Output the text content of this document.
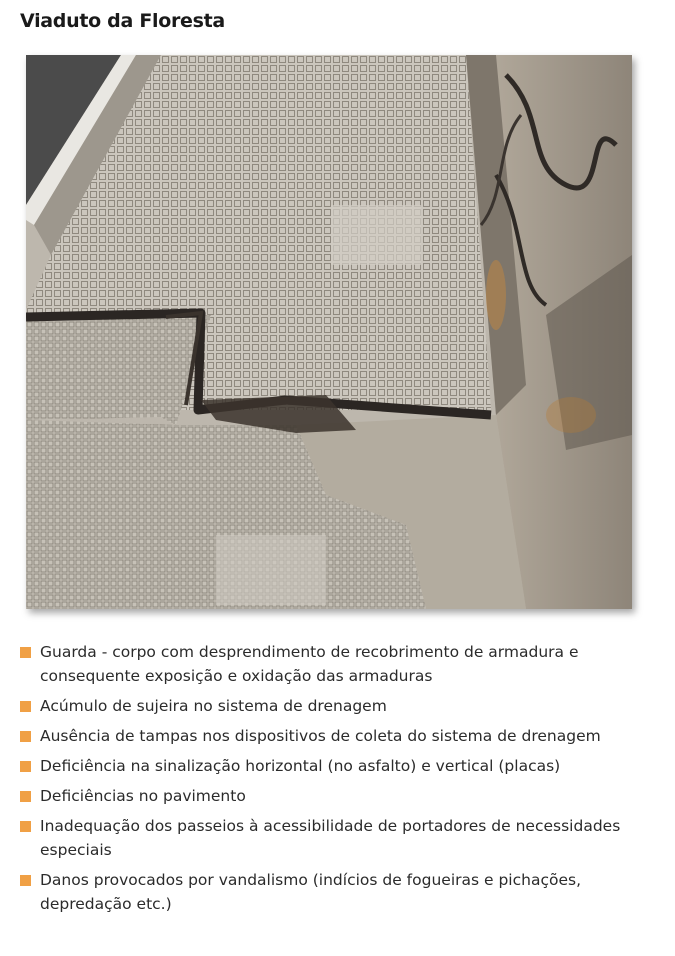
Viaduto da Floresta
Guarda - corpo com desprendimento de recobrimento de armadura e consequente exposição e oxidação das armaduras
Acúmulo de sujeira no sistema de drenagem
Ausência de tampas nos dispositivos de coleta do sistema de drenagem
Deficiência na sinalização horizontal (no asfalto) e vertical (placas)
Deficiências no pavimento
Inadequação dos passeios à acessibilidade de portadores de necessidades especiais
Danos provocados por vandalismo (indícios de fogueiras e pichações, depredação etc.)
